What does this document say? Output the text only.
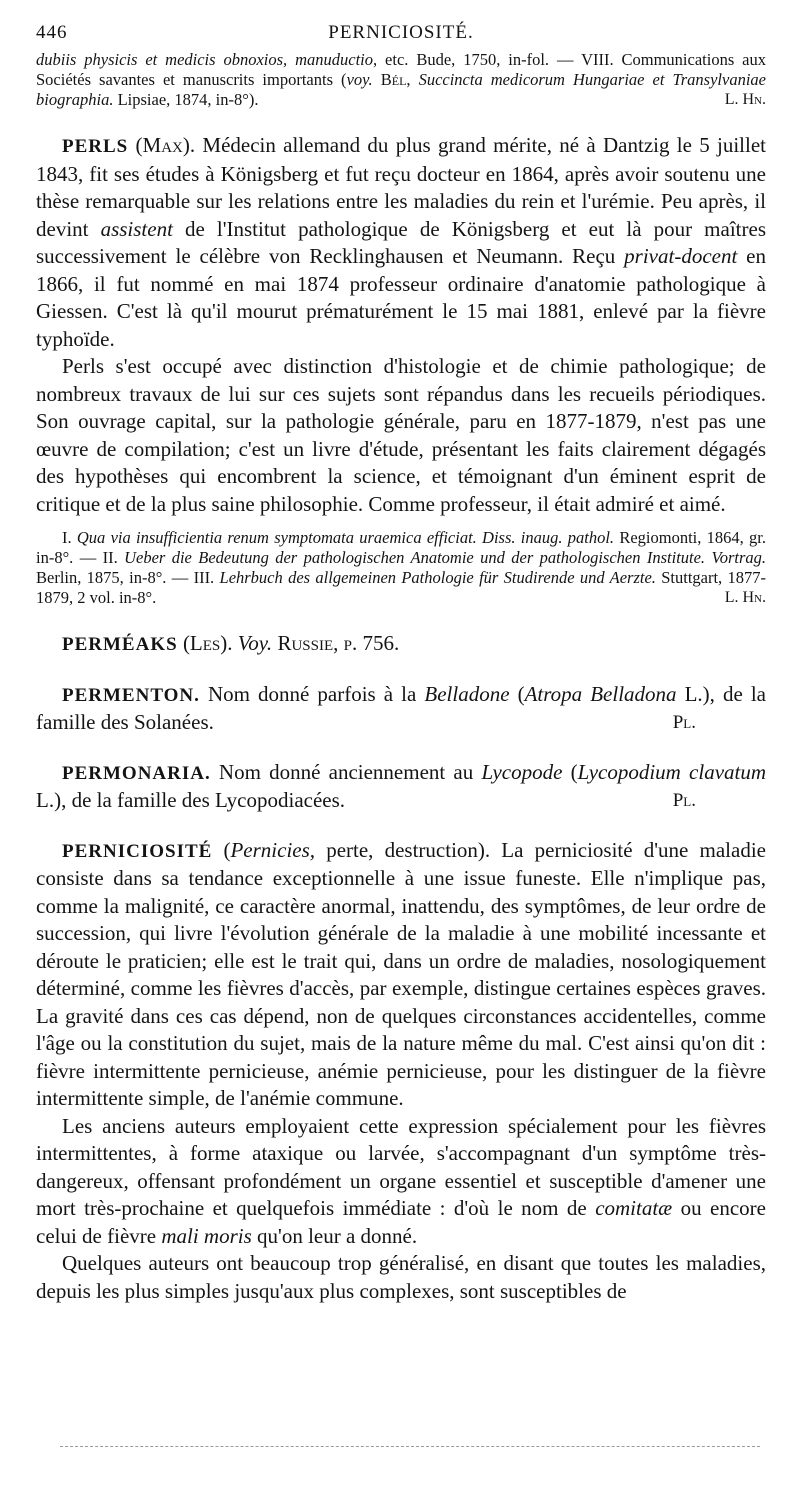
446	PERNICIOSITÉ.
dubiis physicis et medicis obnoxios, manuductio, etc. Bude, 1750, in-fol. — VIII. Communications aux Sociétés savantes et manuscrits importants (voy. Bél, Succincta medicorum Hungariae et Transylvaniae biographia. Lipsiae, 1874, in-8°).	L. Hn.

PERLS (Max). Médecin allemand du plus grand mérite, né à Dantzig le 5 juillet 1843, fit ses études à Königsberg et fut reçu docteur en 1864, après avoir soutenu une thèse remarquable sur les relations entre les maladies du rein et l'urémie. Peu après, il devint assistent de l'Institut pathologique de Königsberg et eut là pour maîtres successivement le célèbre von Recklinghausen et Neumann. Reçu privat-docent en 1866, il fut nommé en mai 1874 professeur ordinaire d'anatomie pathologique à Giessen. C'est là qu'il mourut prématurément le 15 mai 1881, enlevé par la fièvre typhoïde.

Perls s'est occupé avec distinction d'histologie et de chimie pathologique; de nombreux travaux de lui sur ces sujets sont répandus dans les recueils périodiques. Son ouvrage capital, sur la pathologie générale, paru en 1877-1879, n'est pas une œuvre de compilation; c'est un livre d'étude, présentant les faits clairement dégagés des hypothèses qui encombrent la science, et témoignant d'un éminent esprit de critique et de la plus saine philosophie. Comme professeur, il était admiré et aimé.

I. Qua via insufficientia renum symptomata uraemica efficiat. Diss. inaug. pathol. Regiomonti, 1864, gr. in-8°. — II. Ueber die Bedeutung der pathologischen Anatomie und der pathologischen Institute. Vortrag. Berlin, 1875, in-8°. — III. Lehrbuch des allgemeinen Pathologie für Studirende und Aerzte. Stuttgart, 1877-1879, 2 vol. in-8°.	L. Hn.
PERMÉAKS (Les). Voy. Russie, p. 756.
PERMENTON. Nom donné parfois à la Belladone (Atropa Belladona L.), de la famille des Solanées.	Pl.
PERMONARIA. Nom donné anciennement au Lycopode (Lycopodium clavatum L.), de la famille des Lycopodiacées.	Pl.

PERNICIOSITÉ (Pernicies, perte, destruction). La perniciosité d'une maladie consiste dans sa tendance exceptionnelle à une issue funeste. Elle n'implique pas, comme la malignité, ce caractère anormal, inattendu, des symptômes, de leur ordre de succession, qui livre l'évolution générale de la maladie à une mobilité incessante et déroute le praticien; elle est le trait qui, dans un ordre de maladies, nosologiquement déterminé, comme les fièvres d'accès, par exemple, distingue certaines espèces graves. La gravité dans ces cas dépend, non de quelques circonstances accidentelles, comme l'âge ou la constitution du sujet, mais de la nature même du mal. C'est ainsi qu'on dit : fièvre intermittente pernicieuse, anémie pernicieuse, pour les distinguer de la fièvre intermittente simple, de l'anémie commune.

Les anciens auteurs employaient cette expression spécialement pour les fièvres intermittentes, à forme ataxique ou larvée, s'accompagnant d'un symptôme très-dangereux, offensant profondément un organe essentiel et susceptible d'amener une mort très-prochaine et quelquefois immédiate : d'où le nom de comitatæ ou encore celui de fièvre mali moris qu'on leur a donné.

Quelques auteurs ont beaucoup trop généralisé, en disant que toutes les maladies, depuis les plus simples jusqu'aux plus complexes, sont susceptibles de
